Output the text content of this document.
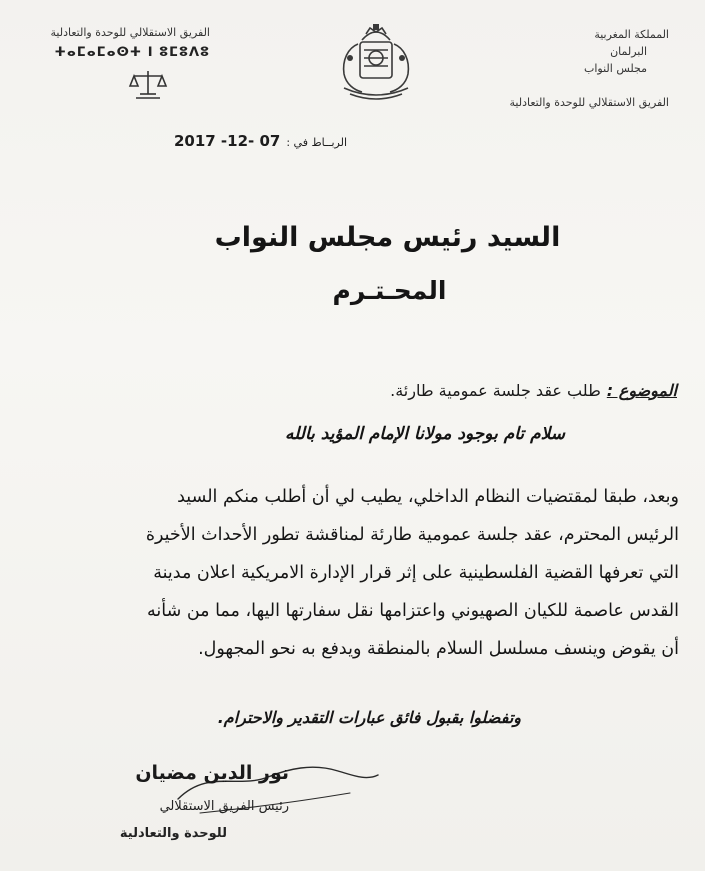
المملكة المغربية
البرلمان
مجلس النواب
الفريق الاستقلالي للوحدة والتعادلية
الفريق الاستقلالي للوحدة والتعادلية
ⵜⴰⵎⴰⵎⴰⵙⵜ ⵏ ⵓⵎⵓⴷⵓ
الربــاط في :2017 -12- 07
السيد رئيس مجلس النواب
المحـتـرم
الموضوع :طلب عقد جلسة عمومية طارئة.
سلام تام بوجود مولانا الإمام المؤيد بالله
وبعد، طبقا لمقتضيات النظام الداخلي، يطيب لي أن أطلب منكم السيد
الرئيس المحترم، عقد جلسة عمومية طارئة لمناقشة تطور الأحداث الأخيرة
التي تعرفها القضية الفلسطينية على إثر قرار الإدارة الامريكية اعلان مدينة
القدس عاصمة للكيان الصهيوني واعتزامها نقل سفارتها اليها، مما من شأنه
أن يقوض وينسف مسلسل السلام بالمنطقة ويدفع به نحو المجهول.
وتفضلوا بقبول فائق عبارات التقدير والاحترام.
نور الدين مضيان
رئيس الفريق الاستقلالي
للوحدة والتعادلية
